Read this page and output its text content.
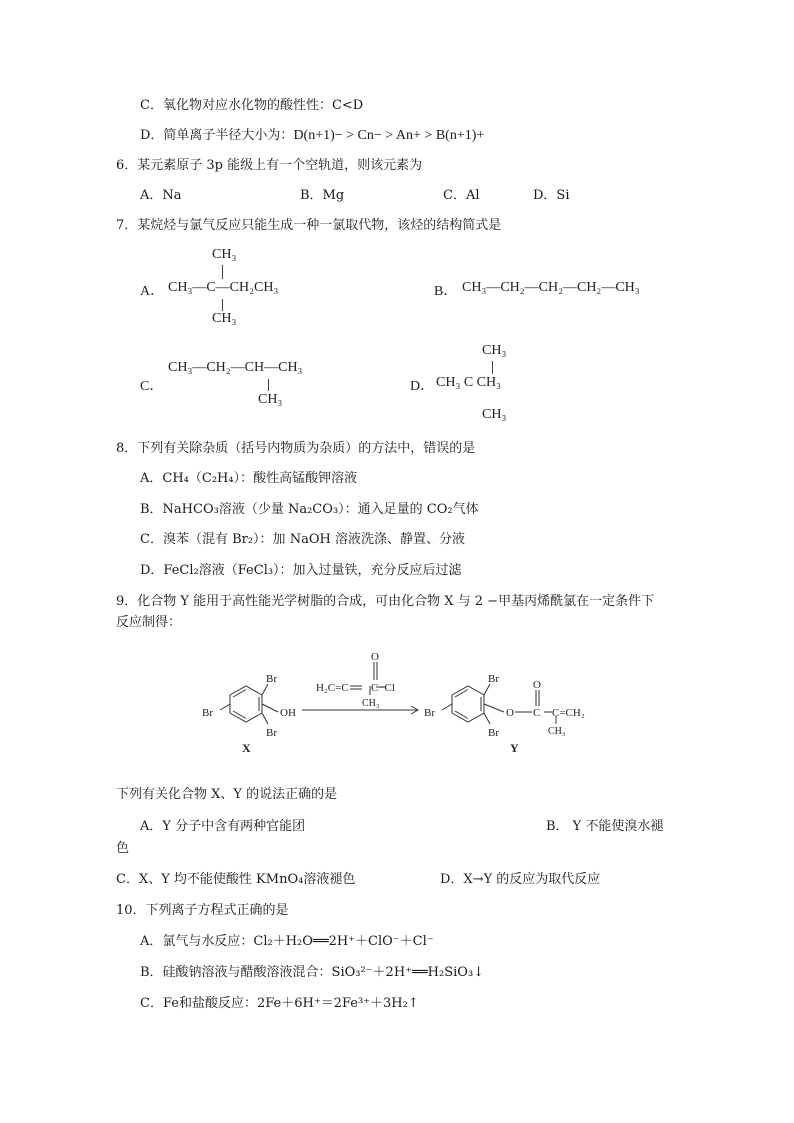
C．氧化物对应水化物的酸性性：C<D
D．简单离子半径大小为：D(n+1)− > Cn− > An+ > B(n+1)+
6．某元素原子 3p 能级上有一个空轨道，则该元素为
A．Na	B．Mg	C．Al	D．Si
7．某烷烃与氯气反应只能生成一种一氯取代物，该烃的结构简式是
A．
CH₃
CH₃—C—CH₂CH₃
CH₃
B． CH₃—CH₂—CH₂—CH₂—CH₃
C．
CH₃—CH₂—CH—CH₃
CH₃
D．
CH₃
CH₃ C CH₃
CH₃
8．下列有关除杂质（括号内物质为杂质）的方法中，错误的是
A．CH₄（C₂H₄）：酸性高锰酸钾溶液
B．NaHCO₃溶液（少量 Na₂CO₃）：通入足量的 CO₂气体
C．溴苯（混有 Br₂）：加 NaOH 溶液洗涤、静置、分液
D．FeCl₂溶液（FeCl₃）：加入过量铁，充分反应后过滤
9．化合物 Y 能用于高性能光学树脂的合成，可由化合物 X 与 2 −甲基丙烯酰氯在一定条件下
反应制得：
Br
Br
Br	OH
X
H₂C=C C−Cl
O
CH₃
Br
Br
Br	O C
O
C=CH₂
CH₃
Y
下列有关化合物 X、Y 的说法正确的是
A．Y 分子中含有两种官能团	B． Y 不能使溴水褪
色
C．X、Y 均不能使酸性 KMnO₄溶液褪色	D．X→Y 的反应为取代反应
10．下列离子方程式正确的是
A．氯气与水反应：Cl₂＋H₂O══2H⁺＋ClO⁻＋Cl⁻
B．硅酸钠溶液与醋酸溶液混合：SiO₃²⁻＋2H⁺══H₂SiO₃↓
C．Fe和盐酸反应：2Fe＋6H⁺＝2Fe³⁺＋3H₂↑
